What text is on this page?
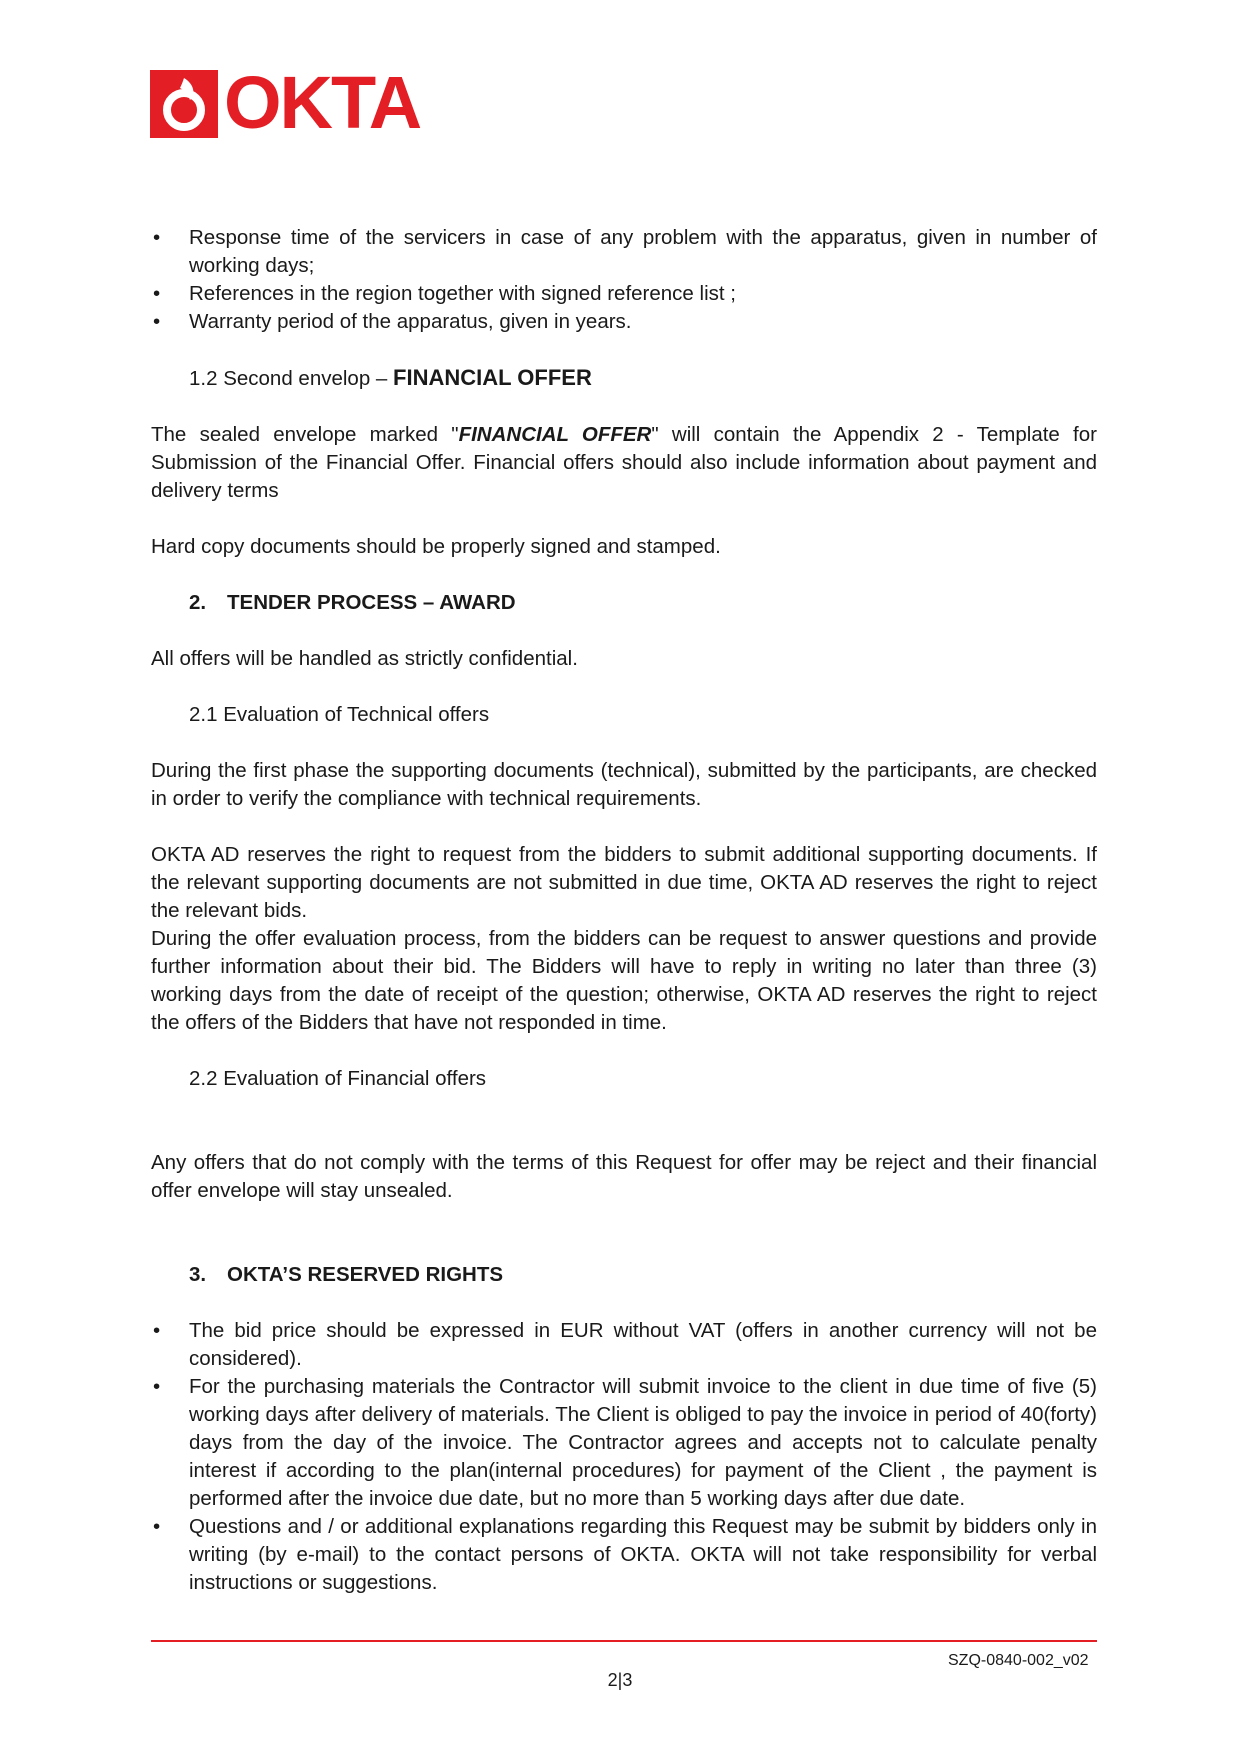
OKTA
• Response time of the servicers in case of any problem with the apparatus, given in number of working days;
• References in the region together with signed reference list ;
• Warranty period of the apparatus, given in years.

1.2 Second envelop – FINANCIAL OFFER

The sealed envelope marked "FINANCIAL OFFER" will contain the Appendix 2 - Template for Submission of the Financial Offer. Financial offers should also include information about payment and delivery terms

Hard copy documents should be properly signed and stamped.

2. TENDER PROCESS – AWARD

All offers will be handled as strictly confidential.

2.1 Evaluation of Technical offers

During the first phase the supporting documents (technical), submitted by the participants, are checked in order to verify the compliance with technical requirements.

OKTA AD reserves the right to request from the bidders to submit additional supporting documents. If the relevant supporting documents are not submitted in due time, OKTA AD reserves the right to reject the relevant bids.

During the offer evaluation process, from the bidders can be request to answer questions and provide further information about their bid. The Bidders will have to reply in writing no later than three (3) working days from the date of receipt of the question; otherwise, OKTA AD reserves the right to reject the offers of the Bidders that have not responded in time.

2.2 Evaluation of Financial offers

Any offers that do not comply with the terms of this Request for offer may be reject and their financial offer envelope will stay unsealed.

3. OKTA’S RESERVED RIGHTS

• The bid price should be expressed in EUR without VAT (offers in another currency will not be considered).
• For the purchasing materials the Contractor will submit invoice to the client in due time of five (5) working days after delivery of materials. The Client is obliged to pay the invoice in period of 40(forty) days from the day of the invoice. The Contractor agrees and accepts not to calculate penalty interest if according to the plan(internal procedures) for payment of the Client , the payment is performed after the invoice due date, but no more than 5 working days after due date.
• Questions and / or additional explanations regarding this Request may be submit by bidders only in writing (by e-mail) to the contact persons of OKTA. OKTA will not take responsibility for verbal instructions or suggestions.
SZQ-0840-002_v02
2|3
